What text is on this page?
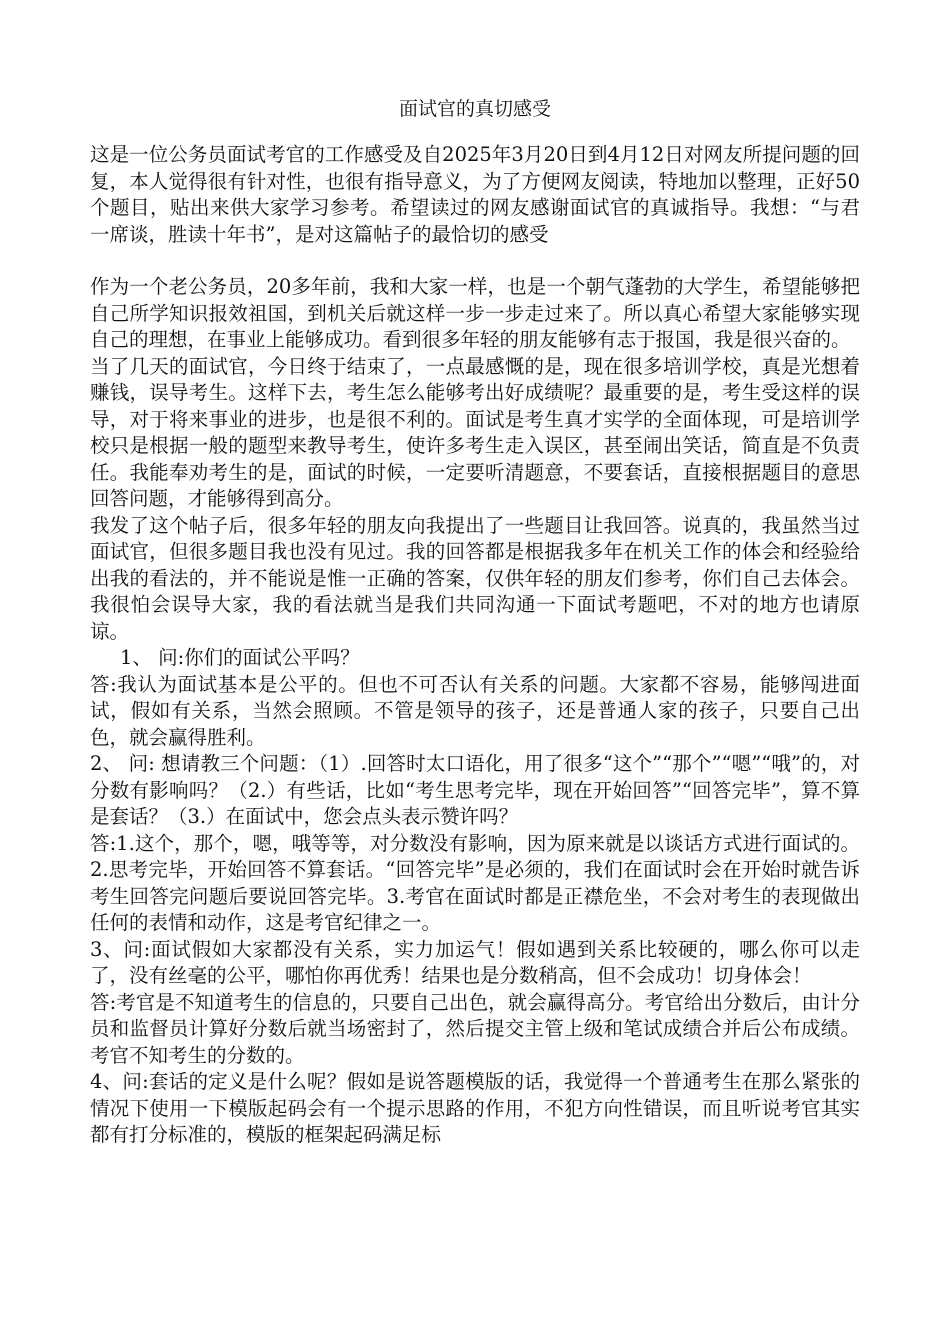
面试官的真切感受

这是一位公务员面试考官的工作感受及自2025年3月20日到4月12日对网友所提问题的回复，本人觉得很有针对性，也很有指导意义，为了方便网友阅读，特地加以整理，正好50个题目，贴出来供大家学习参考。希望读过的网友感谢面试官的真诚指导。我想：“与君一席谈，胜读十年书”，是对这篇帖子的最恰切的感受

作为一个老公务员，20多年前，我和大家一样，也是一个朝气蓬勃的大学生，希望能够把自己所学知识报效祖国，到机关后就这样一步一步走过来了。所以真心希望大家能够实现自己的理想，在事业上能够成功。看到很多年轻的朋友能够有志于报国，我是很兴奋的。

当了几天的面试官，今日终于结束了，一点最感慨的是，现在很多培训学校，真是光想着赚钱，误导考生。这样下去，考生怎么能够考出好成绩呢？最重要的是，考生受这样的误导，对于将来事业的进步，也是很不利的。面试是考生真才实学的全面体现，可是培训学校只是根据一般的题型来教导考生，使许多考生走入误区，甚至闹出笑话，简直是不负责任。我能奉劝考生的是，面试的时候，一定要听清题意，不要套话，直接根据题目的意思回答问题，才能够得到高分。

我发了这个帖子后，很多年轻的朋友向我提出了一些题目让我回答。说真的，我虽然当过面试官，但很多题目我也没有见过。我的回答都是根据我多年在机关工作的体会和经验给出我的看法的，并不能说是惟一正确的答案，仅供年轻的朋友们参考，你们自己去体会。我很怕会误导大家，我的看法就当是我们共同沟通一下面试考题吧，不对的地方也请原谅。

1、 问:你们的面试公平吗？

答:我认为面试基本是公平的。但也不可否认有关系的问题。大家都不容易，能够闯进面试，假如有关系，当然会照顾。不管是领导的孩子，还是普通人家的孩子，只要自己出色，就会赢得胜利。

2、 问: 想请教三个问题：（1）.回答时太口语化，用了很多“这个”“那个”“嗯”“哦”的，对分数有影响吗？（2.）有些话，比如“考生思考完毕，现在开始回答”“回答完毕”，算不算是套话？（3.）在面试中，您会点头表示赞许吗？

答:1.这个，那个，嗯，哦等等，对分数没有影响，因为原来就是以谈话方式进行面试的。2.思考完毕，开始回答不算套话。“回答完毕”是必须的，我们在面试时会在开始时就告诉考生回答完问题后要说回答完毕。3.考官在面试时都是正襟危坐，不会对考生的表现做出任何的表情和动作，这是考官纪律之一。

3、问:面试假如大家都没有关系，实力加运气！假如遇到关系比较硬的，哪么你可以走了，没有丝毫的公平，哪怕你再优秀！结果也是分数稍高，但不会成功！切身体会！

答:考官是不知道考生的信息的，只要自己出色，就会赢得高分。考官给出分数后，由计分员和监督员计算好分数后就当场密封了，然后提交主管上级和笔试成绩合并后公布成绩。考官不知考生的分数的。

4、问:套话的定义是什么呢？假如是说答题模版的话，我觉得一个普通考生在那么紧张的情况下使用一下模版起码会有一个提示思路的作用，不犯方向性错误，而且听说考官其实都有打分标准的，模版的框架起码满足标
